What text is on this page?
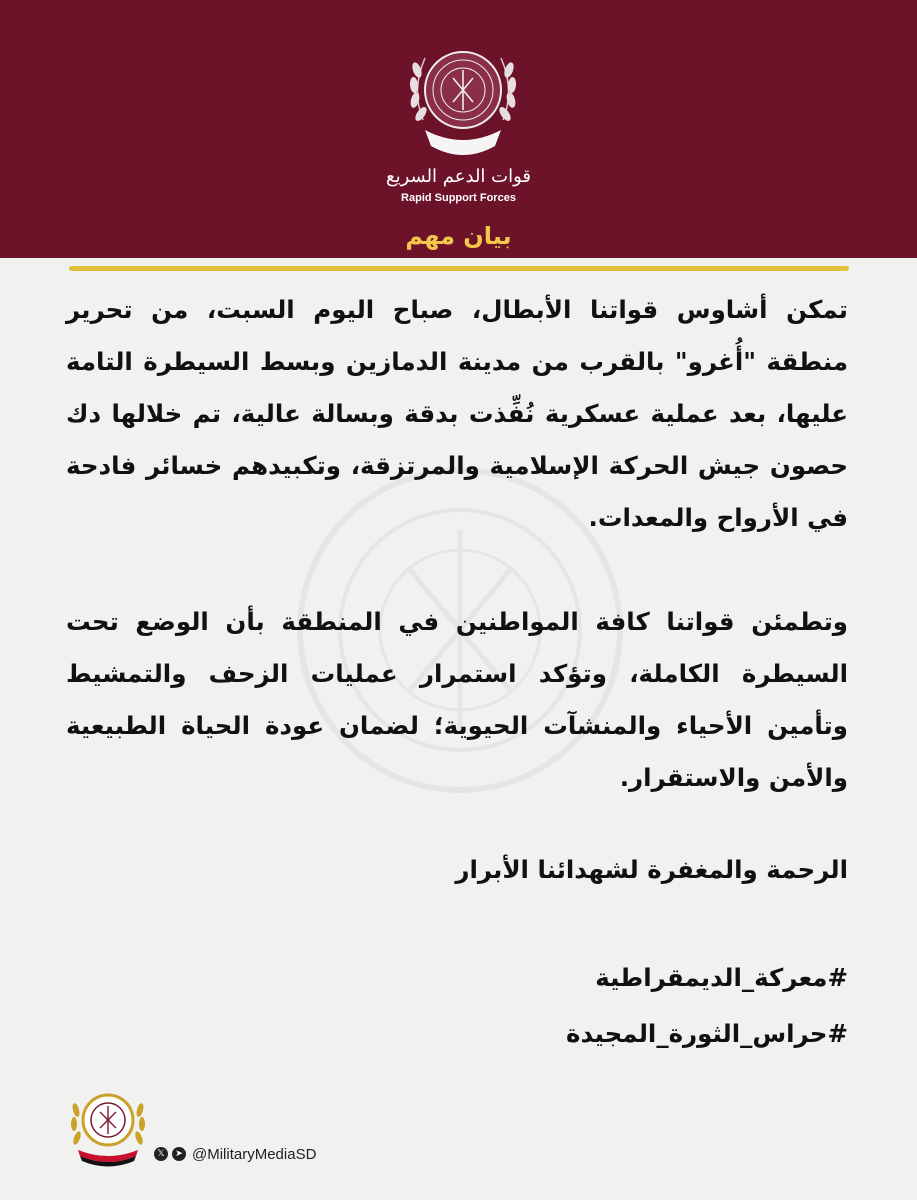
قوات الدعم السريع
Rapid Support Forces
بيان مهم

تمكن أشاوس قواتنا الأبطال، صباح اليوم السبت، من تحرير منطقة "أُغرو" بالقرب من مدينة الدمازين وبسط السيطرة التامة عليها، بعد عملية عسكرية نُفِّذت بدقة وبسالة عالية، تم خلالها دك حصون جيش الحركة الإسلامية والمرتزقة، وتكبيدهم خسائر فادحة في الأرواح والمعدات.

وتطمئن قواتنا كافة المواطنين في المنطقة بأن الوضع تحت السيطرة الكاملة، وتؤكد استمرار عمليات الزحف والتمشيط وتأمين الأحياء والمنشآت الحيوية؛ لضمان عودة الحياة الطبيعية والأمن والاستقرار.

الرحمة والمغفرة لشهدائنا الأبرار

#معركة_الديمقراطية
#حراس_الثورة_المجيدة
𝕏	➤ @MilitaryMediaSD
